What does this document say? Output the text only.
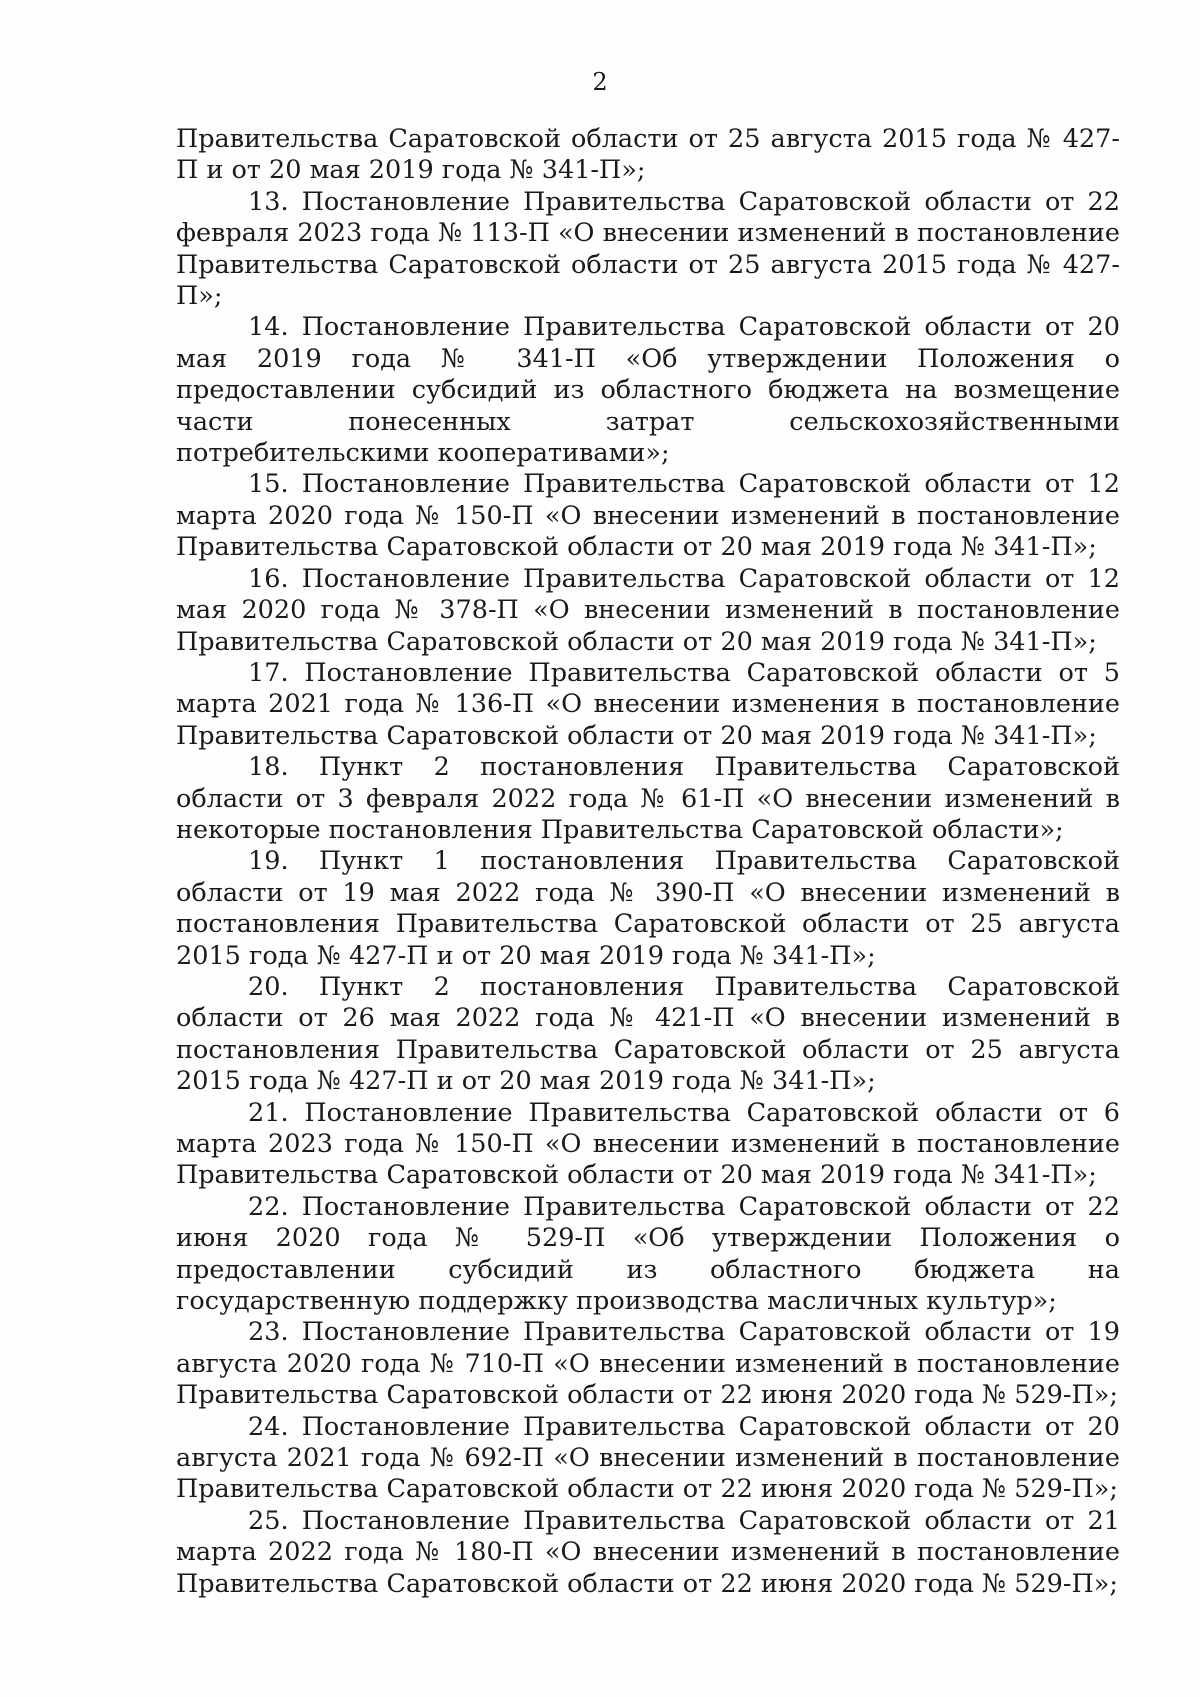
2

Правительства Саратовской области от 25 августа 2015 года № 427-П и от 20 мая 2019 года № 341-П»;

13. Постановление Правительства Саратовской области от 22 февраля 2023 года № 113-П «О внесении изменений в постановление Правительства Саратовской области от 25 августа 2015 года № 427-П»;

14. Постановление Правительства Саратовской области от 20 мая 2019 года № 341-П «Об утверждении Положения о предоставлении субсидий из областного бюджета на возмещение части понесенных затрат сельскохозяйственными потребительскими кооперативами»;

15. Постановление Правительства Саратовской области от 12 марта 2020 года № 150-П «О внесении изменений в постановление Правительства Саратовской области от 20 мая 2019 года № 341-П»;

16. Постановление Правительства Саратовской области от 12 мая 2020 года № 378-П «О внесении изменений в постановление Правительства Саратовской области от 20 мая 2019 года № 341-П»;

17. Постановление Правительства Саратовской области от 5 марта 2021 года № 136-П «О внесении изменения в постановление Правительства Саратовской области от 20 мая 2019 года № 341-П»;

18. Пункт 2 постановления Правительства Саратовской области от 3 февраля 2022 года № 61-П «О внесении изменений в некоторые постановления Правительства Саратовской области»;

19. Пункт 1 постановления Правительства Саратовской области от 19 мая 2022 года № 390-П «О внесении изменений в постановления Правительства Саратовской области от 25 августа 2015 года № 427-П и от 20 мая 2019 года № 341-П»;

20. Пункт 2 постановления Правительства Саратовской области от 26 мая 2022 года № 421-П «О внесении изменений в постановления Правительства Саратовской области от 25 августа 2015 года № 427-П и от 20 мая 2019 года № 341-П»;

21. Постановление Правительства Саратовской области от 6 марта 2023 года № 150-П «О внесении изменений в постановление Правительства Саратовской области от 20 мая 2019 года № 341-П»;

22. Постановление Правительства Саратовской области от 22 июня 2020 года № 529-П «Об утверждении Положения о предоставлении субсидий из областного бюджета на государственную поддержку производства масличных культур»;

23. Постановление Правительства Саратовской области от 19 августа 2020 года № 710-П «О внесении изменений в постановление Правительства Саратовской области от 22 июня 2020 года № 529-П»;

24. Постановление Правительства Саратовской области от 20 августа 2021 года № 692-П «О внесении изменений в постановление Правительства Саратовской области от 22 июня 2020 года № 529-П»;

25. Постановление Правительства Саратовской области от 21 марта 2022 года № 180-П «О внесении изменений в постановление Правительства Саратовской области от 22 июня 2020 года № 529-П»;
